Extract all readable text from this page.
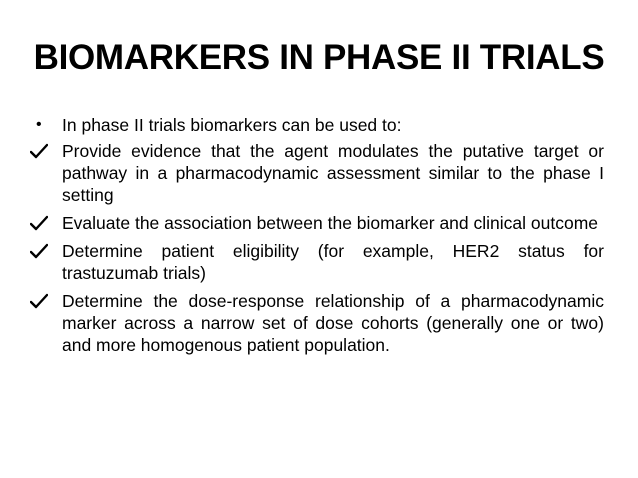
BIOMARKERS IN PHASE II TRIALS
•	In phase II trials biomarkers can be used to:
Provide evidence that the agent modulates the putative target or pathway in a pharmacodynamic assessment similar to the phase I setting
Evaluate the association between the biomarker and clinical outcome
Determine patient eligibility (for example, HER2 status for trastuzumab trials)
Determine the dose-response relationship of a pharmacodynamic marker across a narrow set of dose cohorts (generally one or two) and more homogenous patient population.
